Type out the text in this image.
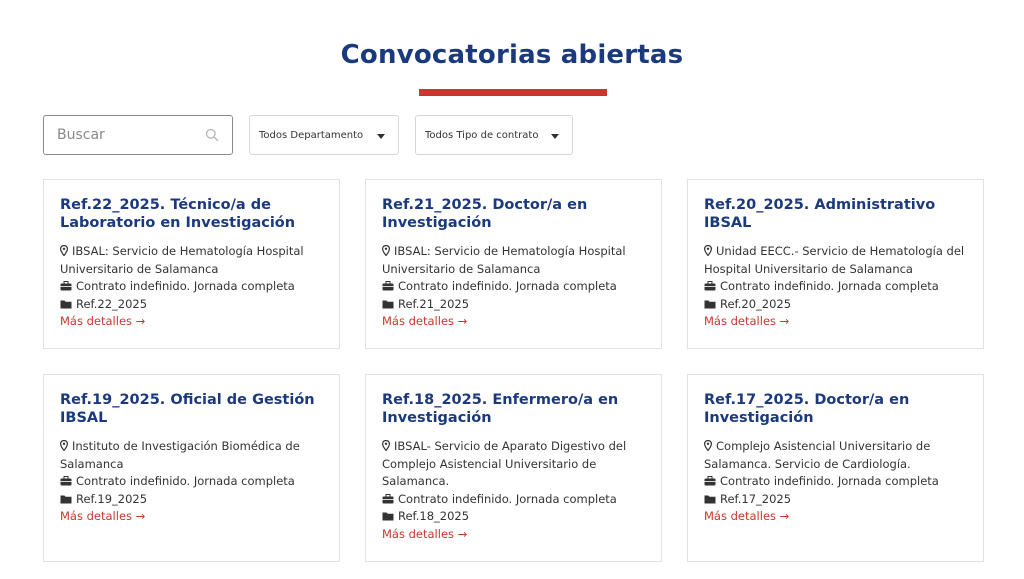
Convocatorias abiertas
Buscar
Todos Departamento	Todos Tipo de contrato
Ref.22_2025. Técnico/a de Laboratorio en Investigación
IBSAL: Servicio de Hematología Hospital Universitario de Salamanca
Contrato indefinido. Jornada completa
Ref.22_2025
Más detalles →
Ref.21_2025. Doctor/a en Investigación
IBSAL: Servicio de Hematología Hospital Universitario de Salamanca
Contrato indefinido. Jornada completa
Ref.21_2025
Más detalles →
Ref.20_2025. Administrativo IBSAL
Unidad EECC.- Servicio de Hematología del Hospital Universitario de Salamanca
Contrato indefinido. Jornada completa
Ref.20_2025
Más detalles →
Ref.19_2025. Oficial de Gestión IBSAL
Instituto de Investigación Biomédica de Salamanca
Contrato indefinido. Jornada completa
Ref.19_2025
Más detalles →
Ref.18_2025. Enfermero/a en Investigación
IBSAL- Servicio de Aparato Digestivo del Complejo Asistencial Universitario de Salamanca.
Contrato indefinido. Jornada completa
Ref.18_2025
Más detalles →
Ref.17_2025. Doctor/a en Investigación
Complejo Asistencial Universitario de Salamanca. Servicio de Cardiología.
Contrato indefinido. Jornada completa
Ref.17_2025
Más detalles →
